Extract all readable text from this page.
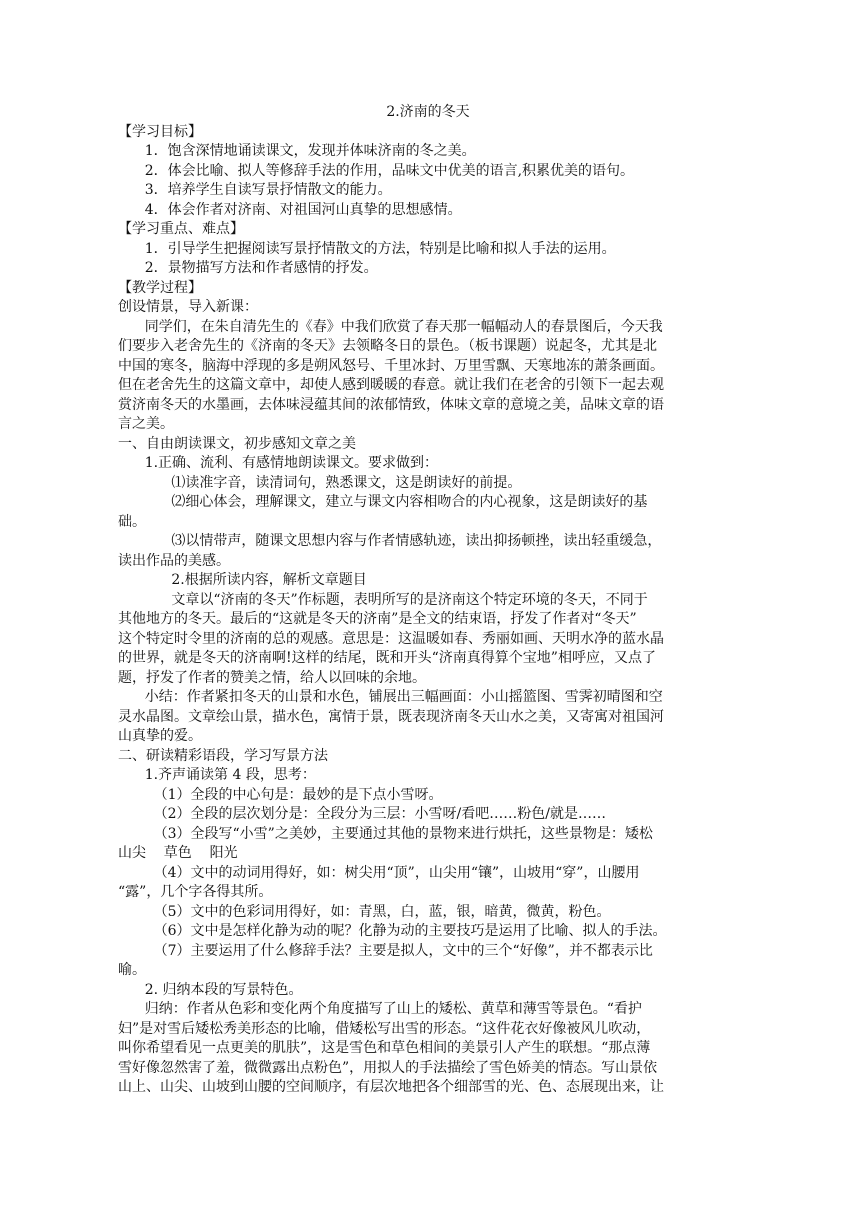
2.济南的冬天
【学习目标】
1．饱含深情地诵读课文，发现并体味济南的冬之美。
2．体会比喻、拟人等修辞手法的作用，品味文中优美的语言,积累优美的语句。
3．培养学生自读写景抒情散文的能力。
4．体会作者对济南、对祖国河山真挚的思想感情。
【学习重点、难点】
1．引导学生把握阅读写景抒情散文的方法，特别是比喻和拟人手法的运用。
2．景物描写方法和作者感情的抒发。
【教学过程】
创设情景，导入新课：
同学们，在朱自清先生的《春》中我们欣赏了春天那一幅幅动人的春景图后，今天我
们要步入老舍先生的《济南的冬天》去领略冬日的景色。（板书课题）说起冬，尤其是北
中国的寒冬，脑海中浮现的多是朔风怒号、千里冰封、万里雪飘、天寒地冻的萧条画面。
但在老舍先生的这篇文章中，却使人感到暖暖的春意。就让我们在老舍的引领下一起去观
赏济南冬天的水墨画，去体味浸蕴其间的浓郁情致，体味文章的意境之美，品味文章的语
言之美。
一、自由朗读课文，初步感知文章之美
1.正确、流利、有感情地朗读课文。要求做到：
⑴读准字音，读清词句，熟悉课文，这是朗读好的前提。
⑵细心体会，理解课文，建立与课文内容相吻合的内心视象，这是朗读好的基
础。
⑶以情带声，随课文思想内容与作者情感轨迹，读出抑扬顿挫，读出轻重缓急，
读出作品的美感。
2.根据所读内容，解析文章题目
文章以“济南的冬天”作标题，表明所写的是济南这个特定环境的冬天，不同于
其他地方的冬天。最后的“这就是冬天的济南”是全文的结束语，抒发了作者对“冬天”
这个特定时令里的济南的总的观感。意思是：这温暖如春、秀丽如画、天明水净的蓝水晶
的世界，就是冬天的济南啊!这样的结尾，既和开头“济南真得算个宝地”相呼应，又点了
题，抒发了作者的赞美之情，给人以回味的余地。
小结：作者紧扣冬天的山景和水色，铺展出三幅画面：小山摇篮图、雪霁初晴图和空
灵水晶图。文章绘山景，描水色，寓情于景，既表现济南冬天山水之美，又寄寓对祖国河
山真挚的爱。
二、研读精彩语段，学习写景方法
1.齐声诵读第 4 段，思考：
（1）全段的中心句是：最妙的是下点小雪呀。
（2）全段的层次划分是：全段分为三层：小雪呀/看吧……粉色/就是……
（3）全段写“小雪”之美妙，主要通过其他的景物来进行烘托，这些景物是：矮松
山尖    草色    阳光
（4）文中的动词用得好，如：树尖用“顶”，山尖用“镶”，山坡用“穿”，山腰用
“露”，几个字各得其所。
（5）文中的色彩词用得好，如：青黑，白，蓝，银，暗黄，微黄，粉色。
（6）文中是怎样化静为动的呢？化静为动的主要技巧是运用了比喻、拟人的手法。
（7）主要运用了什么修辞手法？主要是拟人，文中的三个“好像”，并不都表示比
喻。
2. 归纳本段的写景特色。
归纳：作者从色彩和变化两个角度描写了山上的矮松、黄草和薄雪等景色。“看护
妇”是对雪后矮松秀美形态的比喻，借矮松写出雪的形态。“这件花衣好像被风儿吹动，
叫你希望看见一点更美的肌肤”，这是雪色和草色相间的美景引人产生的联想。“那点薄
雪好像忽然害了羞，微微露出点粉色”，用拟人的手法描绘了雪色娇美的情态。写山景依
山上、山尖、山坡到山腰的空间顺序，有层次地把各个细部雪的光、色、态展现出来，让
